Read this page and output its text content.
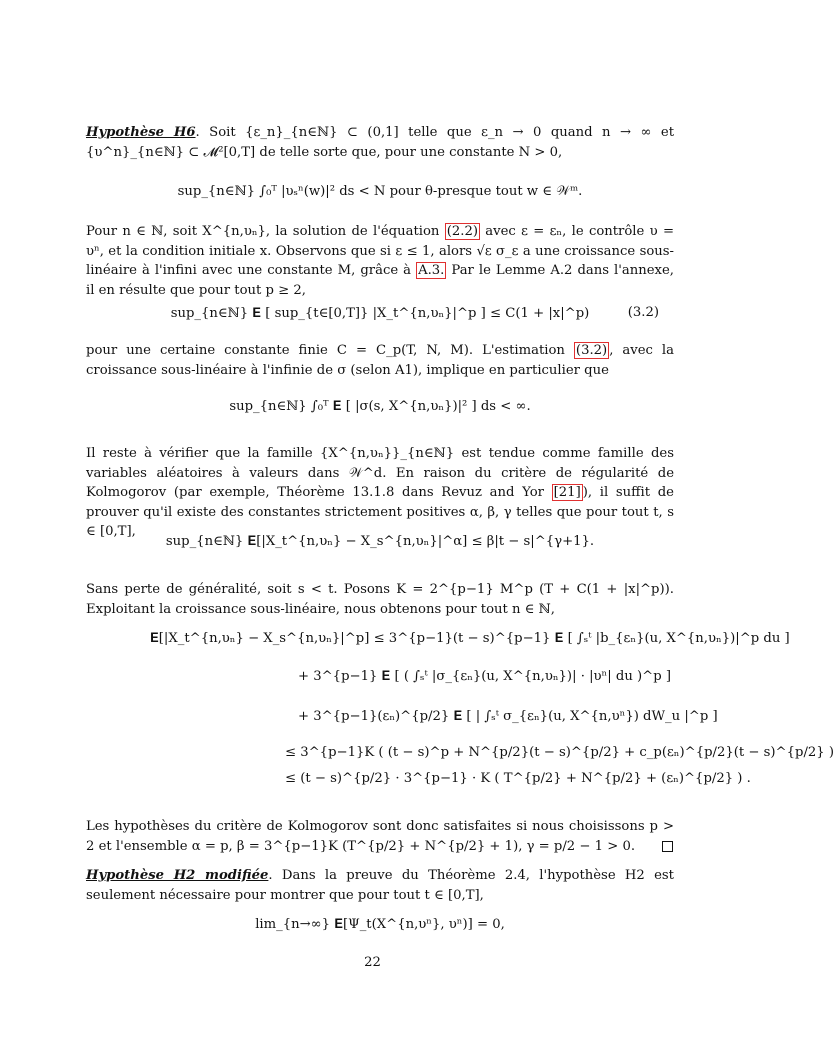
Hypothèse H6. Soit {ε_n}_{n∈ℕ} ⊂ (0,1] telle que ε_n → 0 quand n → ∞ et {υ^n}_{n∈ℕ} ⊂ 𝓜²[0,T] de telle sorte que, pour une constante N > 0,
sup_{n∈ℕ} ∫₀ᵀ |υₛⁿ(w)|² ds < N pour θ-presque tout w ∈ 𝒲ᵐ.
Pour n ∈ ℕ, soit X^{n,υₙ}, la solution de l'équation (2.2) avec ε = εₙ, le contrôle υ = υⁿ, et la condition initiale x. Observons que si ε ≤ 1, alors √ε σ_ε a une croissance sous-linéaire à l'infini avec une constante M, grâce à A.3. Par le Lemme A.2 dans l'annexe, il en résulte que pour tout p ≥ 2,
sup_{n∈ℕ} 𝐄 [ sup_{t∈[0,T]} |X_t^{n,υₙ}|^p ] ≤ C(1 + |x|^p)	(3.2)
pour une certaine constante finie C = C_p(T, N, M). L'estimation (3.2) , avec la croissance sous-linéaire à l'infinie de σ (selon A1), implique en particulier que
sup_{n∈ℕ} ∫₀ᵀ 𝐄 [ |σ(s, X^{n,υₙ})|² ] ds < ∞.
Il reste à vérifier que la famille {X^{n,υₙ}}_{n∈ℕ} est tendue comme famille des variables aléatoires à valeurs dans 𝒲^d. En raison du critère de régularité de Kolmogorov (par exemple, Théorème 13.1.8 dans Revuz and Yor [21] ), il suffit de prouver qu'il existe des constantes strictement positives α, β, γ telles que pour tout t, s ∈ [0,T],
sup_{n∈ℕ} 𝐄[|X_t^{n,υₙ} − X_s^{n,υₙ}|^α] ≤ β|t − s|^{γ+1}.
Sans perte de généralité, soit s < t. Posons K = 2^{p−1} M^p (T + C(1 + |x|^p)). Exploitant la croissance sous-linéaire, nous obtenons pour tout n ∈ ℕ,
𝐄[|X_t^{n,υₙ} − X_s^{n,υₙ}|^p] ≤ 3^{p−1}(t − s)^{p−1} 𝐄 [ ∫ₛᵗ |b_{εₙ}(u, X^{n,υₙ})|^p du ]
+ 3^{p−1} 𝐄 [ ( ∫ₛᵗ |σ_{εₙ}(u, X^{n,υₙ})| · |υⁿ| du )^p ]
+ 3^{p−1}(εₙ)^{p/2} 𝐄 [ | ∫ₛᵗ σ_{εₙ}(u, X^{n,υⁿ}) dW_u |^p ]
≤ 3^{p−1}K ( (t − s)^p + N^{p/2}(t − s)^{p/2} + c_p(εₙ)^{p/2}(t − s)^{p/2} )
≤ (t − s)^{p/2} · 3^{p−1} · K ( T^{p/2} + N^{p/2} + (εₙ)^{p/2} ) .
Les hypothèses du critère de Kolmogorov sont donc satisfaites si nous choisissons p > 2 et l'ensemble α = p, β = 3^{p−1}K (T^{p/2} + N^{p/2} + 1), γ = p/2 − 1 > 0.
Hypothèse H2 modifiée. Dans la preuve du Théorème 2.4, l'hypothèse H2 est seulement nécessaire pour montrer que pour tout t ∈ [0,T],
lim_{n→∞} 𝐄[Ψ_t(X^{n,υⁿ}, υⁿ)] = 0,
22
